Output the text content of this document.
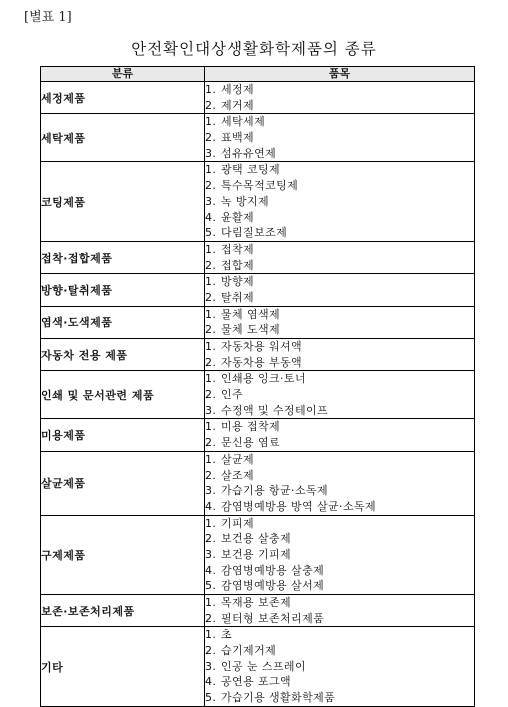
[별표 1]
안전확인대상생활화학제품의 종류
분류	품목
세정제품	1. 세정제
2. 제거제

세탁제품	1. 세탁세제
2. 표백제
3. 섬유유연제

코팅제품	1. 광택 코팅제
2. 특수목적코팅제
3. 녹 방지제
4. 윤활제
5. 다림질보조제

접착·접합제품	1. 접착제
2. 접합제

방향·탈취제품	1. 방향제
2. 탈취제

염색·도색제품	1. 물체 염색제
2. 물체 도색제

자동차 전용 제품	1. 자동차용 워셔액
2. 자동차용 부동액

인쇄 및 문서관련 제품	1. 인쇄용 잉크·토너
2. 인주
3. 수정액 및 수정테이프

미용제품	1. 미용 접착제
2. 문신용 염료

살균제품	1. 살균제
2. 살조제
3. 가습기용 항균·소독제
4. 감염병예방용 방역 살균·소독제

구제제품	1. 기피제
2. 보건용 살충제
3. 보건용 기피제
4. 감염병예방용 살충제
5. 감염병예방용 살서제

보존·보존처리제품	1. 목재용 보존제
2. 필터형 보존처리제품

기타	1. 초
2. 습기제거제
3. 인공 눈 스프레이
4. 공연용 포그액
5. 가습기용 생활화학제품
